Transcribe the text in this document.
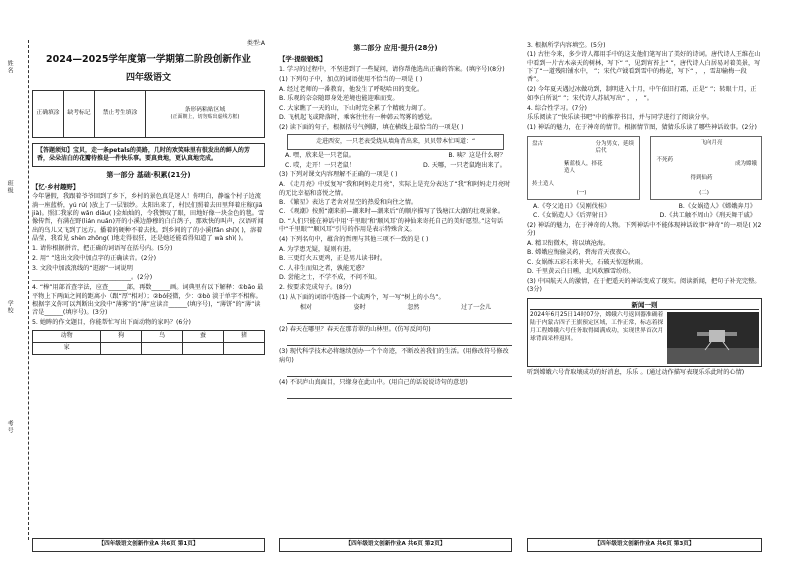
姓名
班级
学校
考号
类型:A
2024—2025学年度第一学期第二阶段创新作业
四年级语文
正确填涂	缺考标记	禁止考生填涂
条形码粘贴区域
(正面朝上，切勿贴出虚线方框)
【答题须知】宝贝，走一条petals的美路，几时的欢笑味里有很发出的鲜人的芳香，朵朵洁白的花瓣待推是一件快乐事。要真贵地，更认真地完成。
第一部分 基础·积累(21分)
【忆·乡村趣野】

今年暑假，我跟着爷爷回到了乡下，乡村的景色真是迷人！你明白，静谧个村子边流淌一座蓝桥，yú rú( )放上了一层银纱。太阳出来了，村民们照着去田里拜着庄稼(jiā jià)。照汇我家的 wǎn diǎu( )金灿灿的，令我赞叹了眼，田地好像一块金色的毯。雪像传哲，有满在野(lián nuǎn)开的小溪边静穆的白白鸽子，那欢快的叫声，汉语听闻出的鸟儿又飞到了远方。播着的硬种不着去找。到乡间的了的小溪(fǎn shǐ)( )，溶着晶莹，我看见 shèn zhōng( )地走得很狂，还是她还能看得知道了 wà shì( )。

1. 请你根据拼音，把正确的词语写在括号内。(5分)

2. 用“ ”选出文段中加点字的正确读音。(2分)

3. 文段中加波浪线的“逛溺”一词说明

________________________________。(2分)

4. “棒”用部首查字法，应查______部，再数______画。词典里有以下解释：①bāo 最平物上下两面之间的距离小（跟“厚”相对）；②bó轻微，少：③bò 淡于单字不相称。根据字义你可以判断出文段中“薄雾”的“薄”应读音______(填序号)，“薄饼”的“薄”读音是______(填序号)。(3分)

5. 她眸的作文题目，你能帮忙写出下面动物的家吗？(6分)

动物	狗	鸟	蚕	猪
家				
【四年级语文创新作业A 共6页 第1页】
第二部分 应用·提升(28分)
【学·提级锻炼】

1. 学习的过程中，不坚进到了一些疑问，请你帮他选出正确的答案。(填序号)(8分)

(1) 下列句子中，加点的词语使用不恰当的一项是 ( )

A. 经过老师的一番教育，他发生了呼哒哈田的变化。

B. 乐观的奈奈随即身处逆境也能迎难而变。

C. 大家瞧了一天的山，下山时完全累了个精疲力竭了。

D. 飞机起飞或降落时，乘客往往有一种韩云驾雾的感觉。

(2) 读下面的句子，根据括号气例脚，填在横线上最恰当的一项是( )

走进西安，一只老表受烧从墙角背出来，贝贝带本忙叫道：“
A. 嘿，欣来是一只老鼠。	B. 咦？这是什么呀？
C. 哎，走开！一只老鼠！	D. 天哪，一只老鼠跑出来了。

(3) 下列对课文内容理解不正确的一项是 ( )

A. 《走月亮》中反复写“我和阿妈走月亮”，实际上是充分表达了“我”和阿妈走月亮时的无比幸福和喜悦之情。

B. 《繁星》表达了老舍对星空的热爱和向往之情。

C. 《观潮》按照“潮来前—潮来时—潮来后”的顺序描写了钱塘江大潮的壮观景象。

D. “人们只能在神话中用‘千里眼’和‘顺风耳’的神仙来寄托自己的美好愿望。”这句话中“千里眼”“顺风耳”引号的作用是表示特殊含义。

(4) 下列名句中，蕴含的哲理与其他三项不一致的是 ( )

A. 为学患无疑，疑则有进。

B. 三更灯火五更鸡，正是男儿读书时。

C. 人非生而知之者，孰能无惑？

D. 尝能之士，不学不成，不问不知。

2. 按要求完成句子。(8分)

(1) 从下面的词语中选择一个或两个，写一写“树上的小鸟”。

相对	姿时	忽然	过了一会儿

(2) 春天在哪里？春天在那青翠的山林里。(仿写反问句)

(3) 现代科学技术必将继续创办一个个奇迹，不断改善我们的生活。(用修改符号修改病句)

(4) 不识庐山真面目，只缘身在此山中。(用自己的话说说诗句的意思)

【四年级语文创新作业A 共6页 第2页】

3. 根据所学内容填空。(5分)

(1) 古往今来，多少诗人都用手中的这支他们笔写出了美好的诗词。唐代诗人王维在山中看到一片古木亲天的树林，写下“ ”，见到宵苔上“ ”，唐代诗人白居易对着美景，写下了“一道残阳铺水中， ”；宋代卢钺看到雪中的梅花，写下“ ， ，雪却输梅一段香”。

(2) 今年夏天遇过冰做功到，制明进入十月，中午依旧打霜，正是“ ”；转眼十月，正如李白所说“ ”；宋代诗人苏轼写出“ ， ， ”。

4. 综合性学习。(7分)

乐乐阅读了“快乐读书吧”中的推荐书目，并与同学进行了阅读分享。

(1) 神话的魅力，在于神奇的情节。根据情节图，猜猜乐乐读了哪些神话故事。(2分)

盘古	分为男女，延续后代
紫蓝枝人，择花造人
抟土造人
(一)
飞向月亮
不死药
成为嫦娥
得到仙药
(二)
A.《夸父追日》《吴刚伐桂》	B.《女娲造人》《嫦娥奔月》
C.《女娲造人》《后羿射日》	D.《共工触不周山》《刑天舞干戚》

(2) 神话的魅力，在于神奇的人物。下列神话中不能体现神话故事“神奇”的一项是( )(2分)

A. 精卫衔微木，将以填沧海。

B. 嫦娥应悔偷灵药，碧海青天夜夜心。

C. 女娲炼五彩石来补天，石破天惊逗秋雨。

D. 千里黄云白日曛，北风吹雁雪纷纷。

(3) 中国航天人的激情，在于把遥天的神话变成了现实。阅读新闻，把句子补充完整。(3分)

新闻一则
2024年6月25日14时07分，嫦娥六号返回器准确着陆于内蒙古四子王旗预定区域，工作正常，标志着探月工程嫦娥六号任务取得圆满成功，实现世界首次月球背面采样返回。

听到嫦娥六号背取壤成功的好消息，乐乐 。(通过动作描写表现乐乐此时的心情)

【四年级语文创新作业A 共6页 第3页】
